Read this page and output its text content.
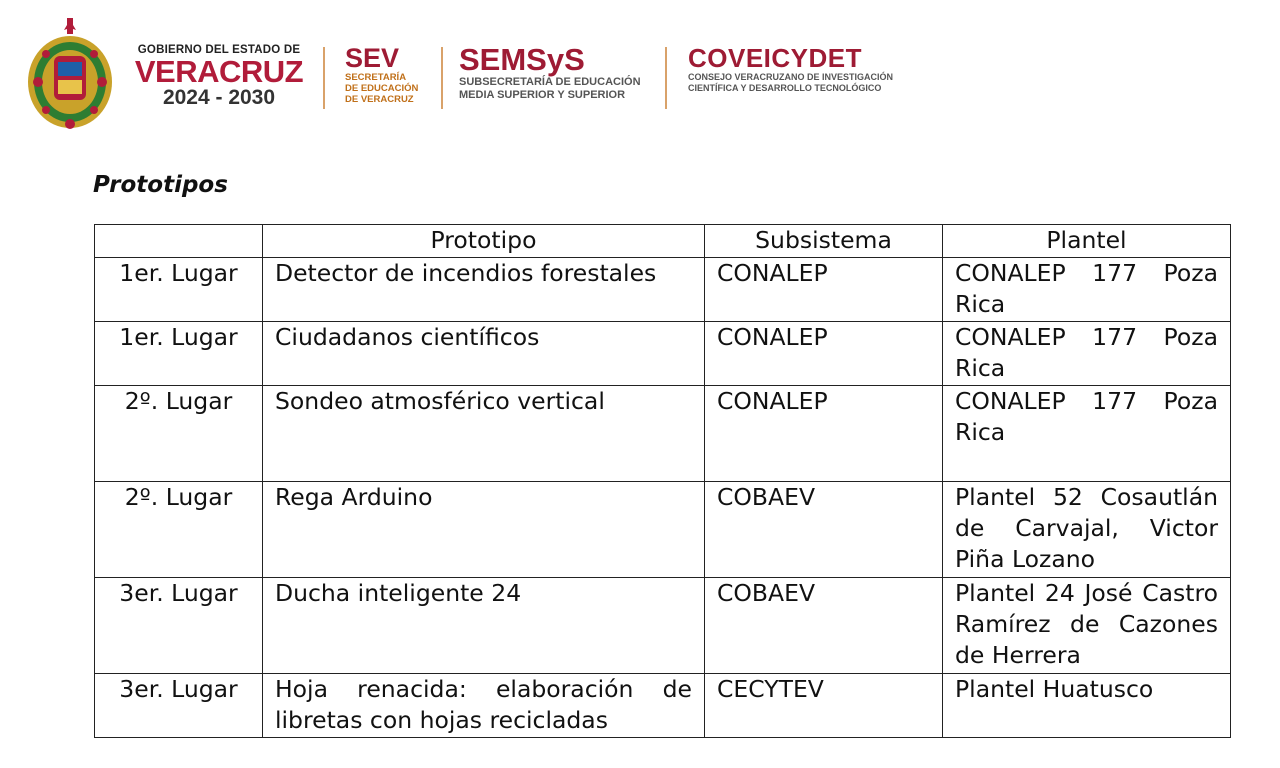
GOBIERNO DEL ESTADO DE
VERACRUZ
2024 - 2030
SEV
SECRETARÍA
DE EDUCACIÓN
DE VERACRUZ
SEMSyS
SUBSECRETARÍA DE EDUCACIÓN
MEDIA SUPERIOR Y SUPERIOR
COVEICYDET
CONSEJO VERACRUZANO DE INVESTIGACIÓN
CIENTÍFICA Y DESARROLLO TECNOLÓGICO
Prototipos
	Prototipo	Subsistema	Plantel
1er. Lugar	Detector de incendios forestales	CONALEP	CONALEP 177 Poza Rica
1er. Lugar	Ciudadanos científicos	CONALEP	CONALEP 177 Poza Rica
2º. Lugar	Sondeo atmosférico vertical	CONALEP	CONALEP 177 Poza Rica
2º. Lugar	Rega Arduino	COBAEV	Plantel 52 Cosautlán de Carvajal, Victor Piña Lozano
3er. Lugar	Ducha inteligente 24	COBAEV	Plantel 24 José Castro Ramírez de Cazones de Herrera
3er. Lugar	Hoja renacida: elaboración de libretas con hojas recicladas	CECYTEV	Plantel Huatusco
